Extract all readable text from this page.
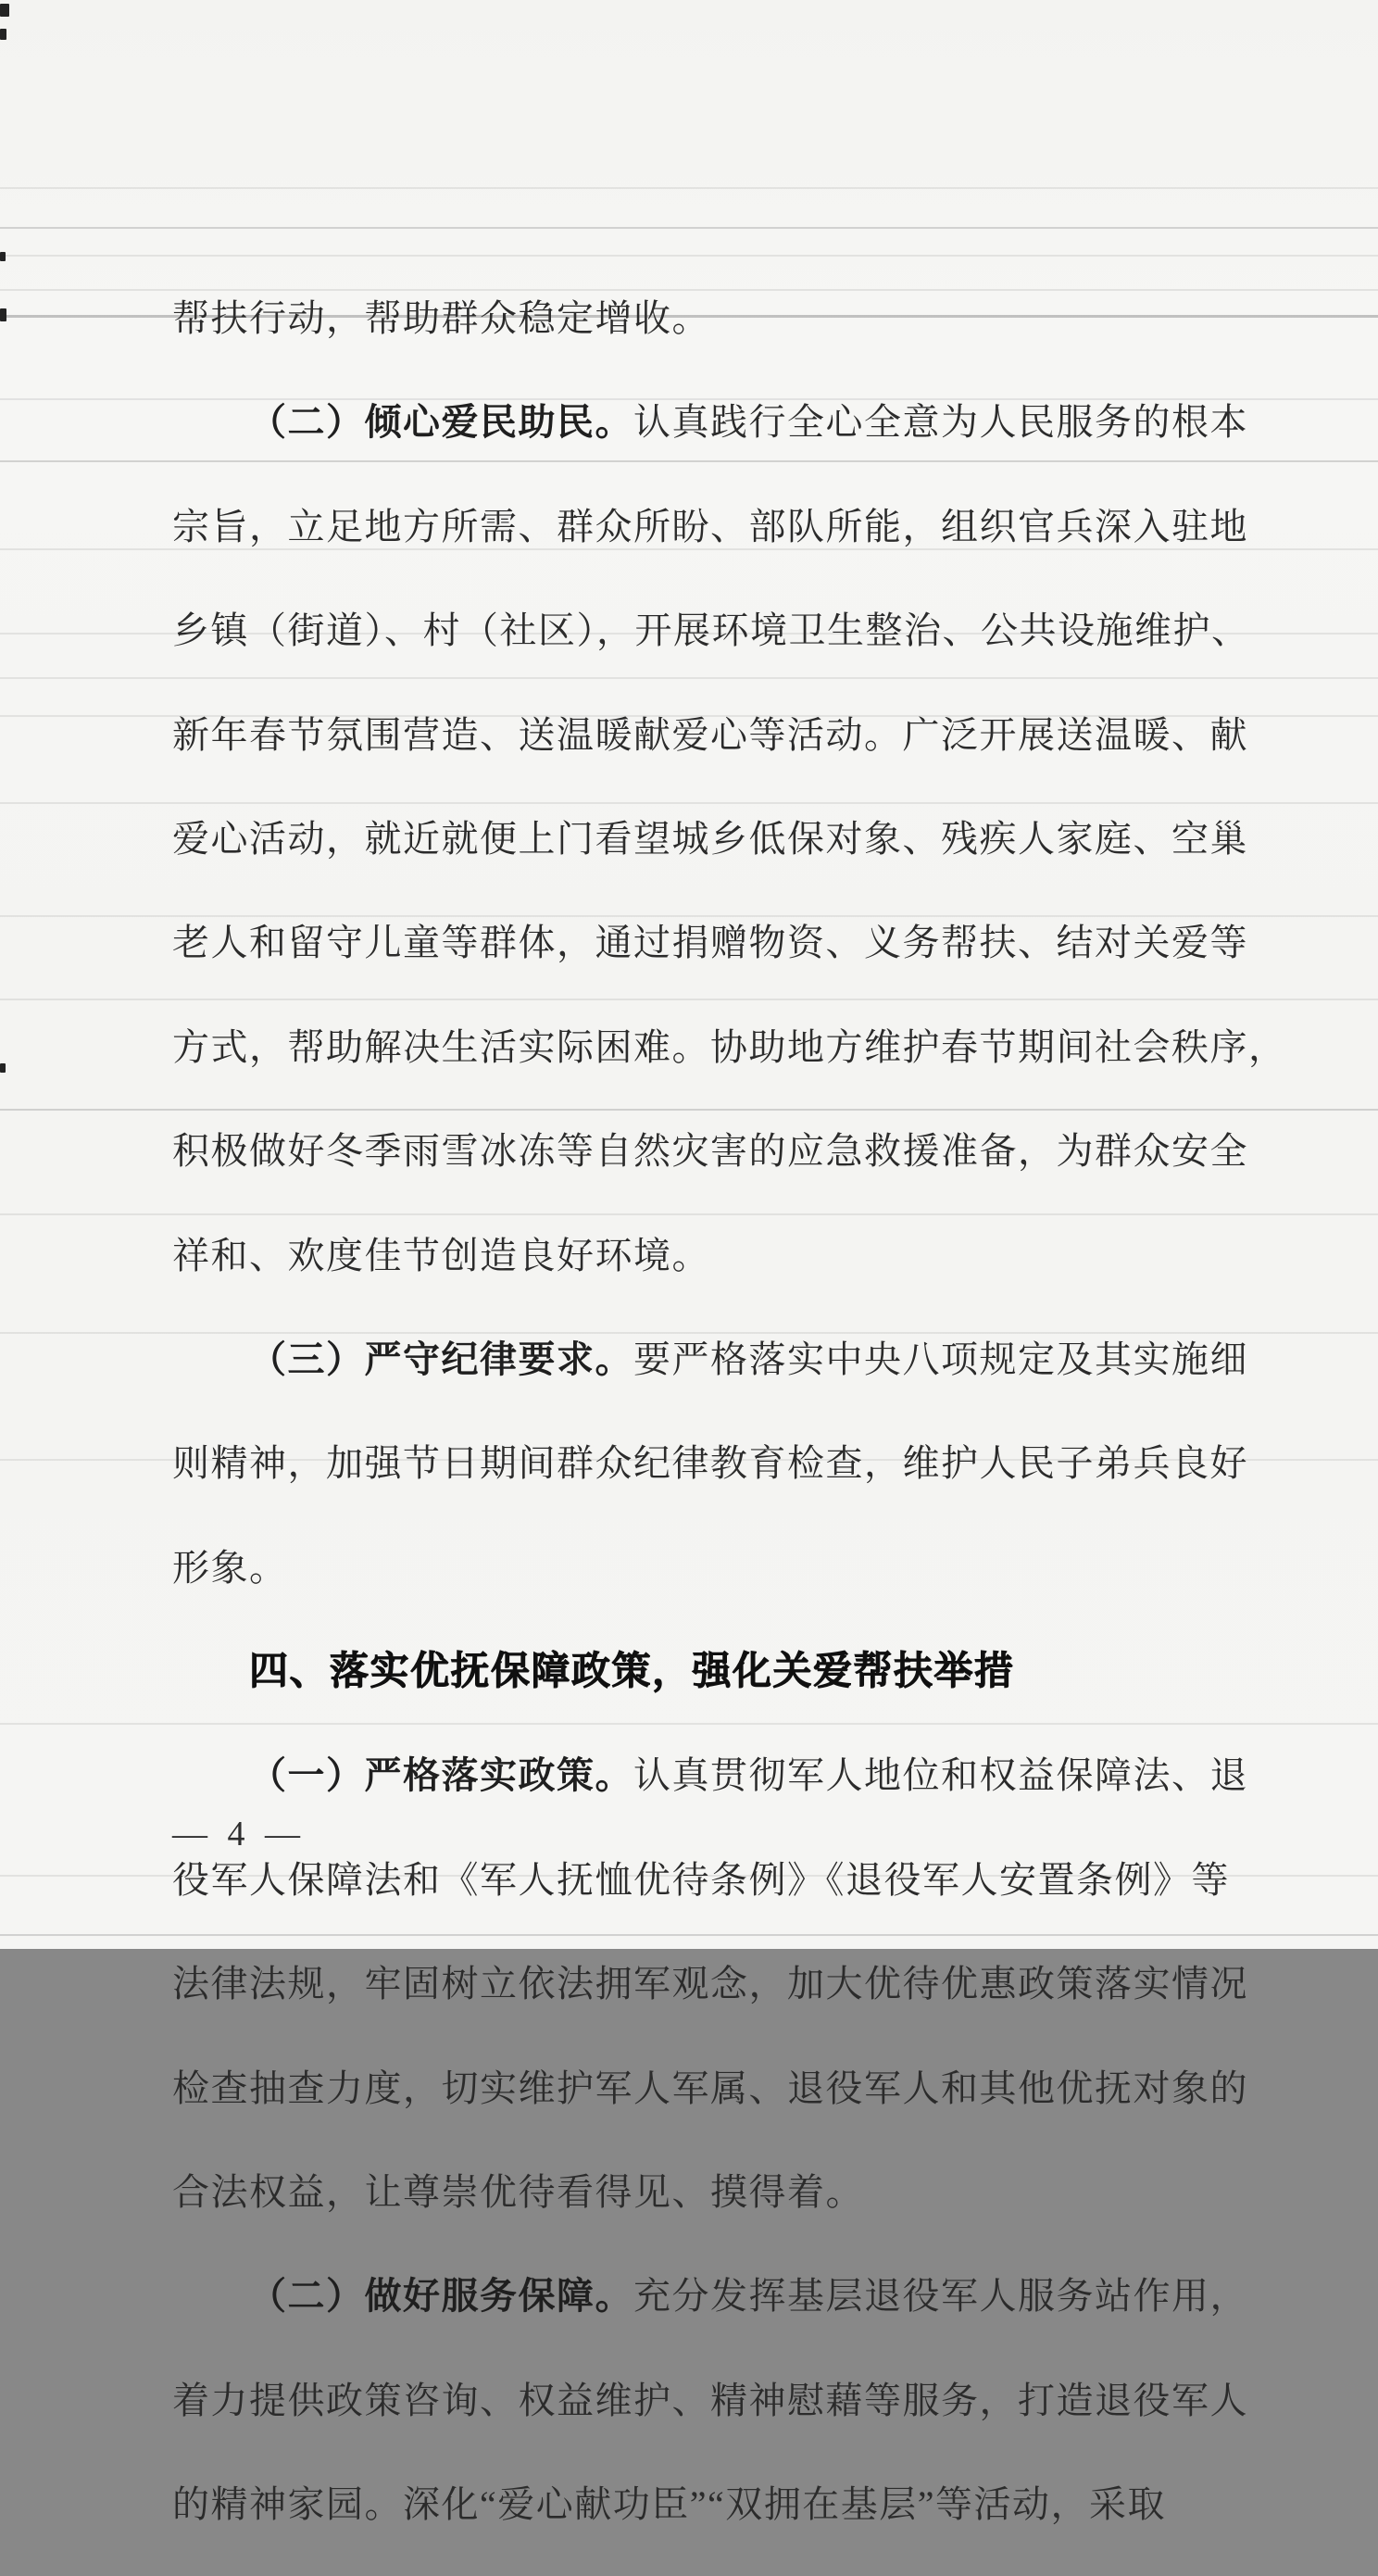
帮扶行动，帮助群众稳定增收。

（二）倾心爱民助民。认真践行全心全意为人民服务的根本

宗旨，立足地方所需、群众所盼、部队所能，组织官兵深入驻地

乡镇（街道）、村（社区），开展环境卫生整治、公共设施维护、

新年春节氛围营造、送温暖献爱心等活动。广泛开展送温暖、献

爱心活动，就近就便上门看望城乡低保对象、残疾人家庭、空巢

老人和留守儿童等群体，通过捐赠物资、义务帮扶、结对关爱等

方式，帮助解决生活实际困难。协助地方维护春节期间社会秩序，

积极做好冬季雨雪冰冻等自然灾害的应急救援准备，为群众安全

祥和、欢度佳节创造良好环境。

（三）严守纪律要求。要严格落实中央八项规定及其实施细

则精神，加强节日期间群众纪律教育检查，维护人民子弟兵良好

形象。

四、落实优抚保障政策，强化关爱帮扶举措

（一）严格落实政策。认真贯彻军人地位和权益保障法、退

役军人保障法和《军人抚恤优待条例》《退役军人安置条例》等

法律法规，牢固树立依法拥军观念，加大优待优惠政策落实情况

检查抽查力度，切实维护军人军属、退役军人和其他优抚对象的

合法权益，让尊崇优待看得见、摸得着。

（二）做好服务保障。充分发挥基层退役军人服务站作用，

着力提供政策咨询、权益维护、精神慰藉等服务，打造退役军人

的精神家园。深化“爱心献功臣”“双拥在基层”等活动，采取

— 4 —
